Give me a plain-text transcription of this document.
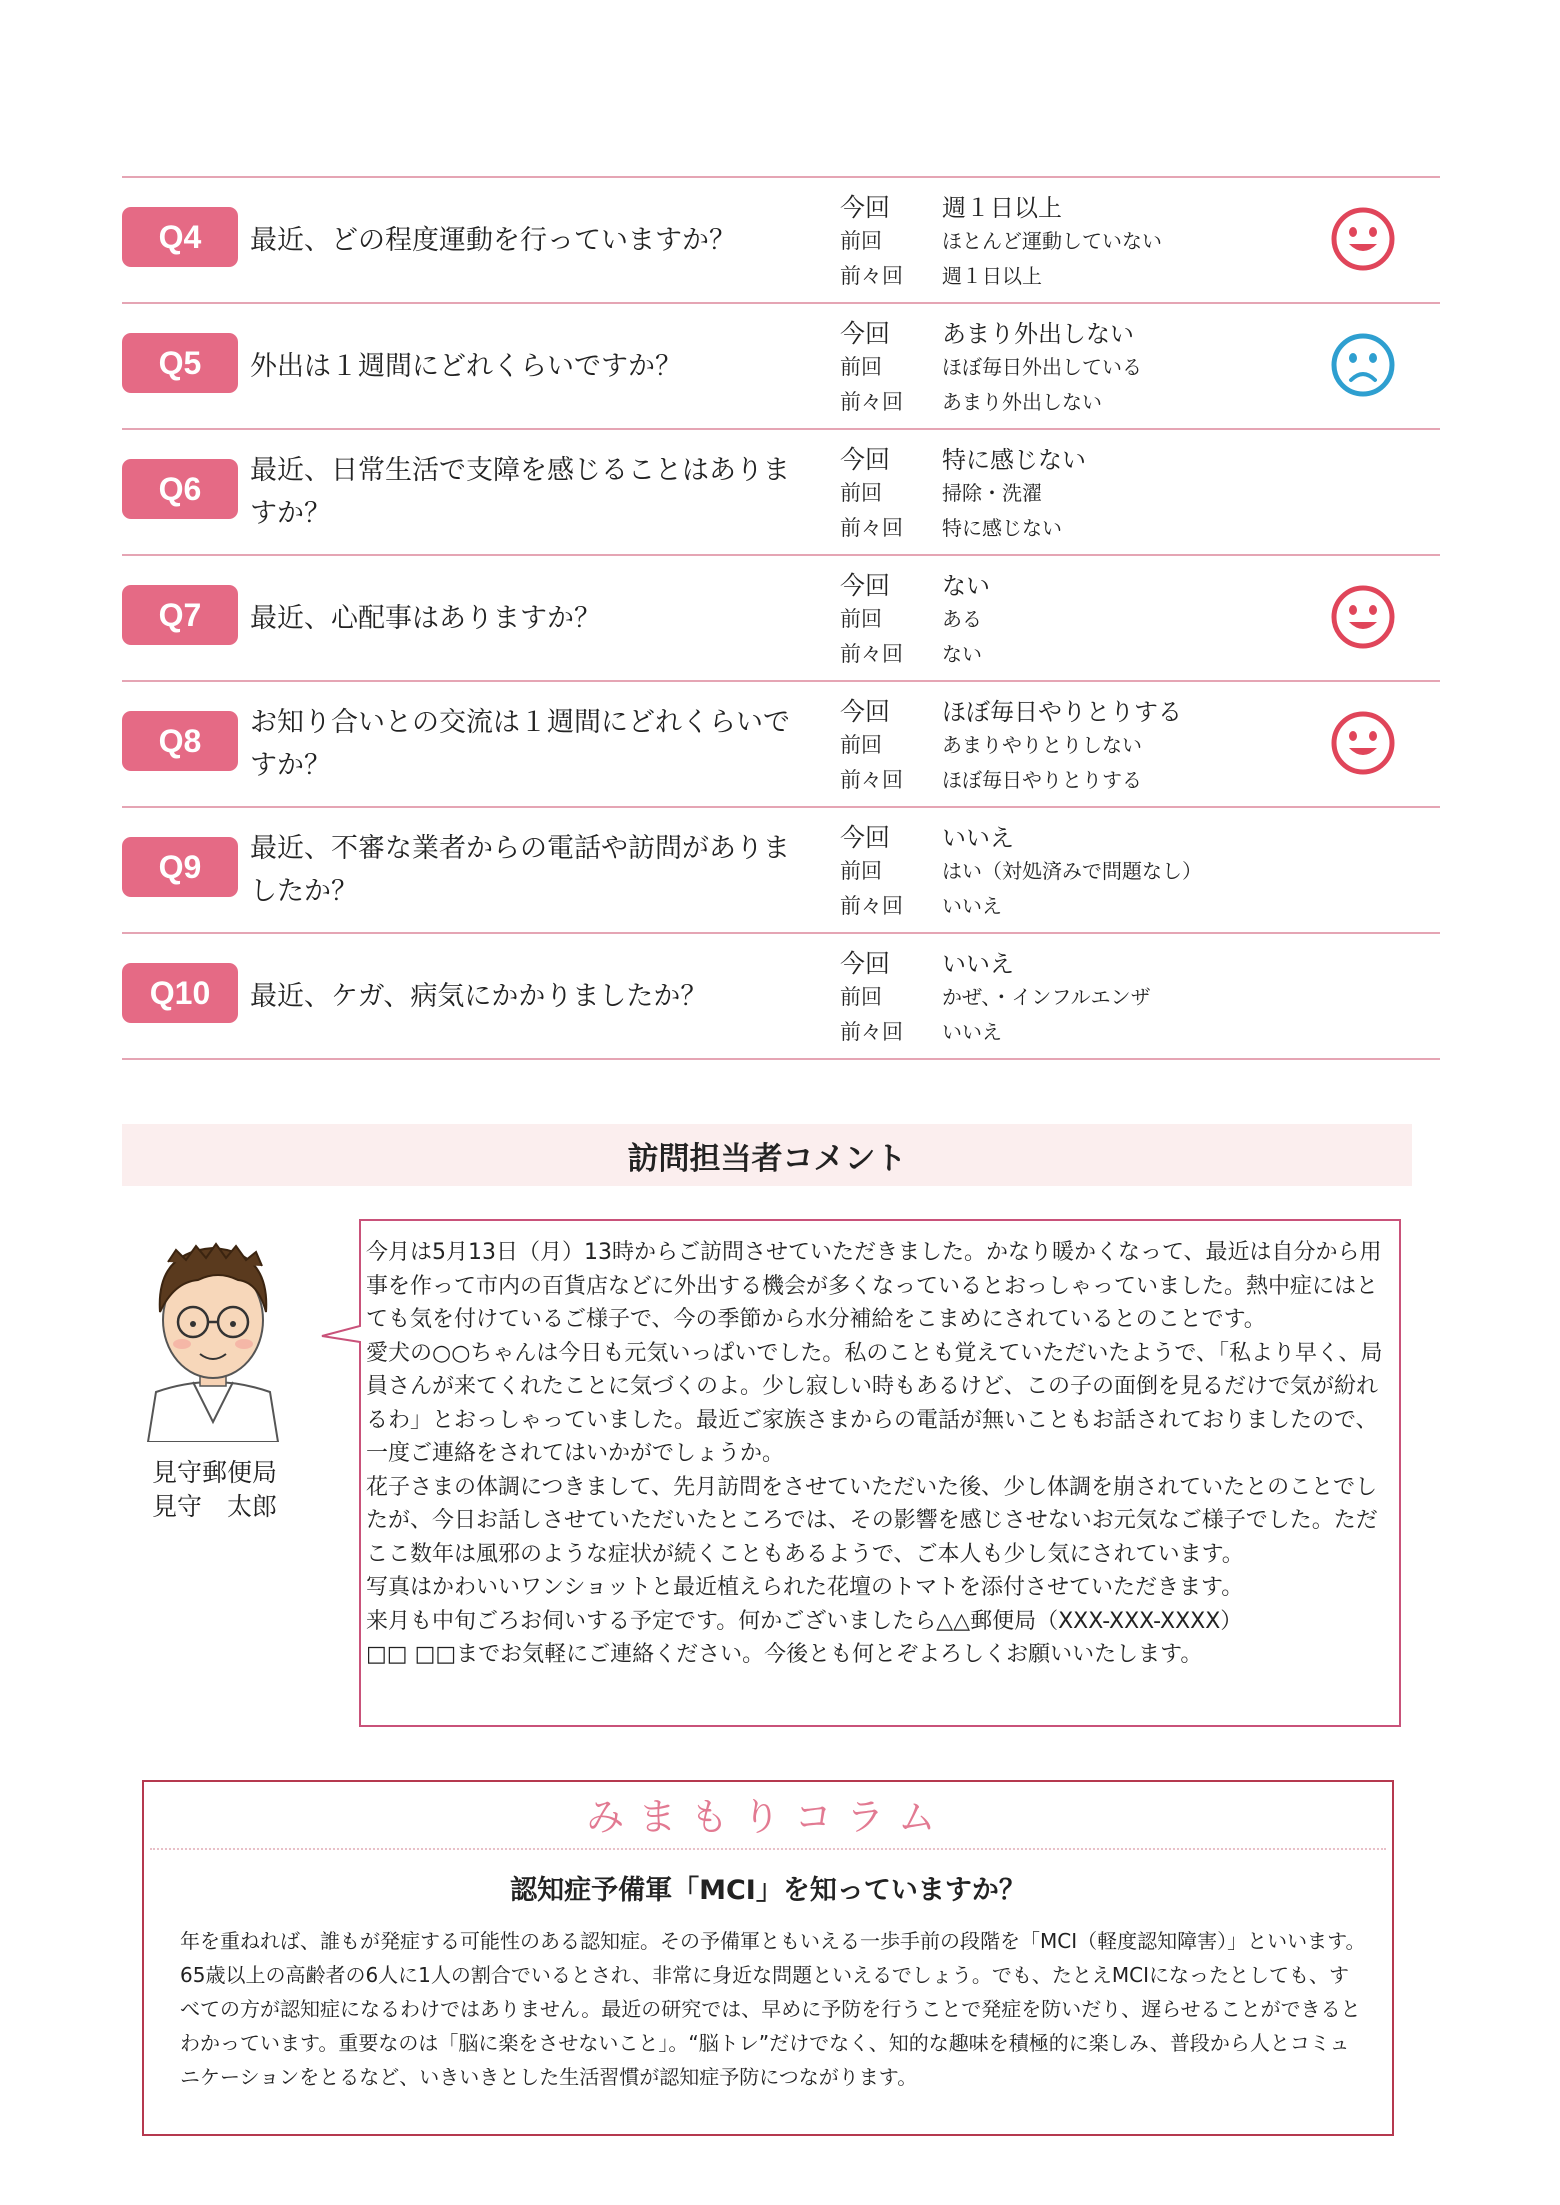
Q4	最近、どの程度運動を行っていますか？
今回	週１日以上
前回	ほとんど運動していない
前々回	週１日以上
Q5	外出は１週間にどれくらいですか？
今回	あまり外出しない
前回	ほぼ毎日外出している
前々回	あまり外出しない
Q6	最近、日常生活で支障を感じることはありますか？
今回	特に感じない
前回	掃除・洗濯
前々回	特に感じない
Q7	最近、心配事はありますか？
今回	ない
前回	ある
前々回	ない
Q8	お知り合いとの交流は１週間にどれくらいですか？
今回	ほぼ毎日やりとりする
前回	あまりやりとりしない
前々回	ほぼ毎日やりとりする
Q9	最近、不審な業者からの電話や訪問がありましたか？
今回	いいえ
前回	はい（対処済みで問題なし）
前々回	いいえ
Q10	最近、ケガ、病気にかかりましたか？
今回	いいえ
前回	かぜ、・インフルエンザ
前々回	いいえ
訪問担当者コメント
見守郵便局
見守　太郎
今月は5月13日（月）13時からご訪問させていただきました。かなり暖かくなって、最近は自分から用事を作って市内の百貨店などに外出する機会が多くなっているとおっしゃっていました。熱中症にはとても気を付けているご様子で、今の季節から水分補給をこまめにされているとのことです。
愛犬の○○ちゃんは今日も元気いっぱいでした。私のことも覚えていただいたようで、「私より早く、局員さんが来てくれたことに気づくのよ。少し寂しい時もあるけど、この子の面倒を見るだけで気が紛れるわ」とおっしゃっていました。最近ご家族さまからの電話が無いこともお話されておりましたので、一度ご連絡をされてはいかがでしょうか。
花子さまの体調につきまして、先月訪問をさせていただいた後、少し体調を崩されていたとのことでしたが、今日お話しさせていただいたところでは、その影響を感じさせないお元気なご様子でした。ただここ数年は風邪のような症状が続くこともあるようで、ご本人も少し気にされています。
写真はかわいいワンショットと最近植えられた花壇のトマトを添付させていただきます。
来月も中旬ごろお伺いする予定です。何かございましたら△△郵便局（XXX-XXX-XXXX）
□□ □□までお気軽にご連絡ください。今後とも何とぞよろしくお願いいたします。
みまもりコラム
認知症予備軍「MCI」を知っていますか？
年を重ねれば、誰もが発症する可能性のある認知症。その予備軍ともいえる一歩手前の段階を「MCI（軽度認知障害）」といいます。65歳以上の高齢者の6人に1人の割合でいるとされ、非常に身近な問題といえるでしょう。でも、たとえMCIになったとしても、すべての方が認知症になるわけではありません。最近の研究では、早めに予防を行うことで発症を防いだり、遅らせることができるとわかっています。重要なのは「脳に楽をさせないこと」。“脳トレ”だけでなく、知的な趣味を積極的に楽しみ、普段から人とコミュニケーションをとるなど、いきいきとした生活習慣が認知症予防につながります。
